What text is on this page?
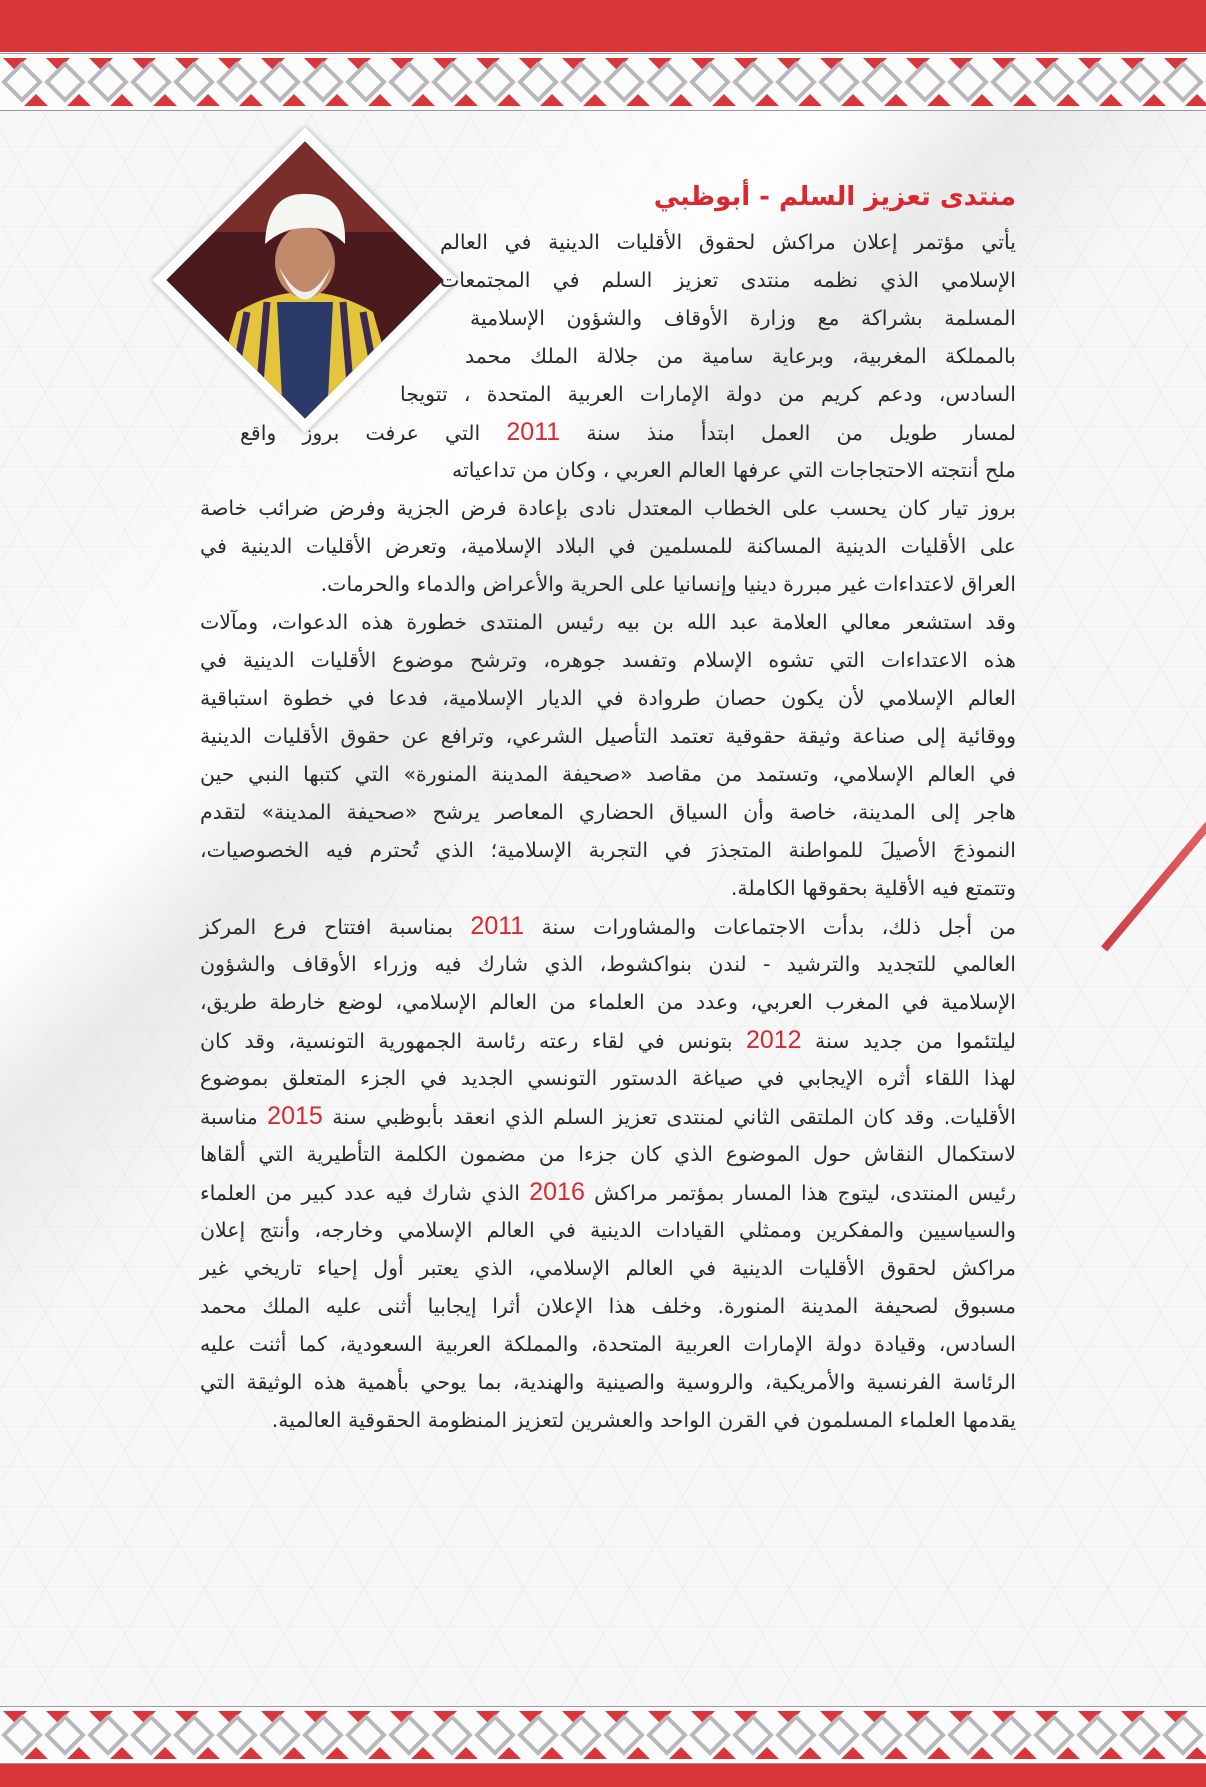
منتدى تعزيز السلم - أبوظبي
يأتي مؤتمر إعلان مراكش لحقوق الأقليات الدينية في العالم
الإسلامي الذي نظمه منتدى تعزيز السلم في المجتمعات
المسلمة بشراكة مع وزارة الأوقاف والشؤون الإسلامية
بالمملكة المغربية، وبرعاية سامية من جلالة الملك محمد
السادس، ودعم كريم من دولة الإمارات العربية المتحدة ، تتويجا
لمسار طويل من العمل ابتدأ منذ سنة 2011 التي عرفت بروز واقع
ملح أنتجته الاحتجاجات التي عرفها العالم العربي ، وكان من تداعياته
بروز تيار كان يحسب على الخطاب المعتدل نادى بإعادة فرض الجزية وفرض ضرائب خاصة
على الأقليات الدينية المساكنة للمسلمين في البلاد الإسلامية، وتعرض الأقليات الدينية في
العراق لاعتداءات غير مبررة دينيا وإنسانيا على الحرية والأعراض والدماء والحرمات.
وقد استشعر معالي العلامة عبد الله بن بيه رئيس المنتدى خطورة هذه الدعوات، ومآلات
هذه الاعتداءات التي تشوه الإسلام وتفسد جوهره، وترشح موضوع الأقليات الدينية في
العالم الإسلامي لأن يكون حصان طروادة في الديار الإسلامية، فدعا في خطوة استباقية
ووقائية إلى صناعة وثيقة حقوقية تعتمد التأصيل الشرعي، وترافع عن حقوق الأقليات الدينية
في العالم الإسلامي، وتستمد من مقاصد «صحيفة المدينة المنورة» التي كتبها النبي حين
هاجر إلى المدينة، خاصة وأن السياق الحضاري المعاصر يرشح «صحيفة المدينة» لتقدم
النموذجَ الأصيلَ للمواطنة المتجذرَ في التجربة الإسلامية؛ الذي تُحترم فيه الخصوصيات،
وتتمتع فيه الأقلية بحقوقها الكاملة.
من أجل ذلك، بدأت الاجتماعات والمشاورات سنة 2011 بمناسبة افتتاح فرع المركز
العالمي للتجديد والترشيد - لندن بنواكشوط، الذي شارك فيه وزراء الأوقاف والشؤون
الإسلامية في المغرب العربي، وعدد من العلماء من العالم الإسلامي، لوضع خارطة طريق،
ليلتئموا من جديد سنة 2012 بتونس في لقاء رعته رئاسة الجمهورية التونسية، وقد كان
لهذا اللقاء أثره الإيجابي في صياغة الدستور التونسي الجديد في الجزء المتعلق بموضوع
الأقليات. وقد كان الملتقى الثاني لمنتدى تعزيز السلم الذي انعقد بأبوظبي سنة 2015 مناسبة
لاستكمال النقاش حول الموضوع الذي كان جزءا من مضمون الكلمة التأطيرية التي ألقاها
رئيس المنتدى، ليتوج هذا المسار بمؤتمر مراكش 2016 الذي شارك فيه عدد كبير من العلماء
والسياسيين والمفكرين وممثلي القيادات الدينية في العالم الإسلامي وخارجه، وأنتج إعلان
مراكش لحقوق الأقليات الدينية في العالم الإسلامي، الذي يعتبر أول إحياء تاريخي غير
مسبوق لصحيفة المدينة المنورة. وخلف هذا الإعلان أثرا إيجابيا أثنى عليه الملك محمد
السادس، وقيادة دولة الإمارات العربية المتحدة، والمملكة العربية السعودية، كما أثنت عليه
الرئاسة الفرنسية والأمريكية، والروسية والصينية والهندية، بما يوحي بأهمية هذه الوثيقة التي
يقدمها العلماء المسلمون في القرن الواحد والعشرين لتعزيز المنظومة الحقوقية العالمية.
